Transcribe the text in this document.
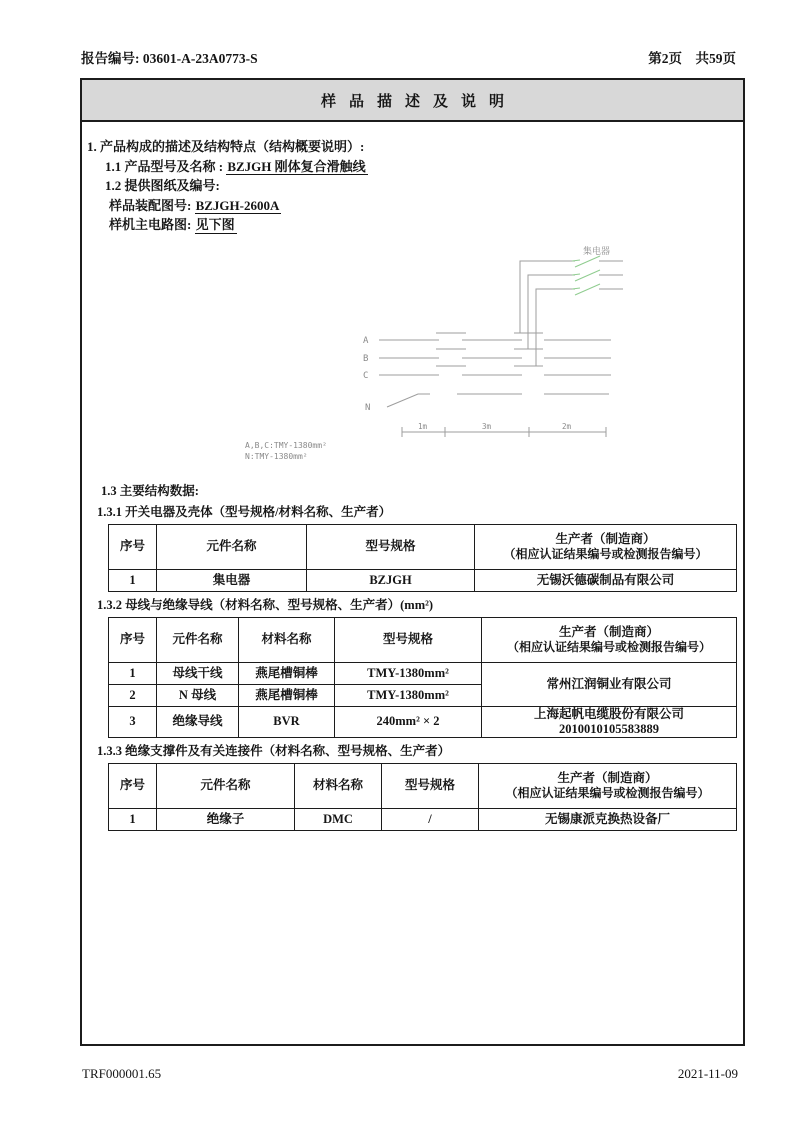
报告编号: 03601-A-23A0773-S	第2页　共59页
样品描述及说明
1. 产品构成的描述及结构特点（结构概要说明）:
1.1 产品型号及名称 : BZJGH 刚体复合滑触线
1.2 提供图纸及编号:
样品装配图号: BZJGH-2600A
样机主电路图: 见下图
集电器
A
B
C
N
1m	3m	2m
A,B,C:TMY-1380mm²
N:TMY-1380mm²
1.3 主要结构数据:
1.3.1 开关电器及壳体（型号规格/材料名称、生产者）
序号	元件名称	型号规格	生产者（制造商）
（相应认证结果编号或检测报告编号）

1	集电器	BZJGH	无锡沃德碳制品有限公司
1.3.2 母线与绝缘导线（材料名称、型号规格、生产者）(mm²)
序号	元件名称	材料名称	型号规格	生产者（制造商）
（相应认证结果编号或检测报告编号）

1	母线干线	燕尾槽铜棒	TMY-1380mm²	常州江润铜业有限公司
2	N 母线	燕尾槽铜棒	TMY-1380mm²	
3	绝缘导线	BVR	240mm² × 2	上海起帆电缆股份有限公司
2010010105583889
1.3.3 绝缘支撑件及有关连接件（材料名称、型号规格、生产者）
序号	元件名称	材料名称	型号规格	生产者（制造商）
（相应认证结果编号或检测报告编号）

1	绝缘子	DMC	/	无锡康派克换热设备厂
TRF000001.65	2021-11-09
